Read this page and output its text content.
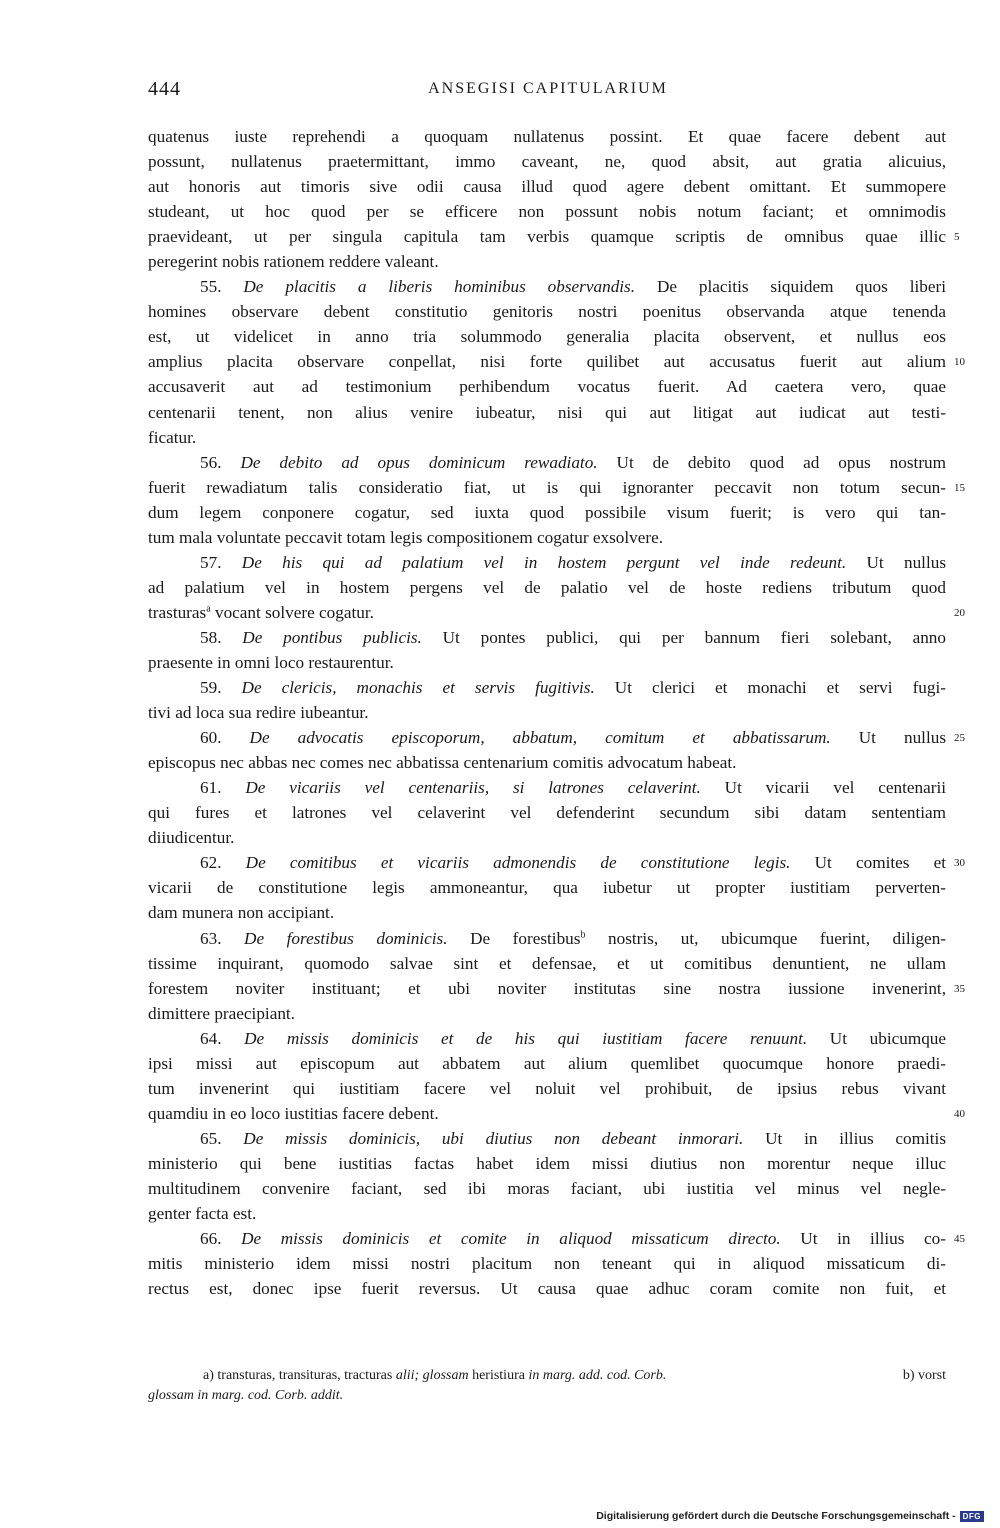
444	ANSEGISI CAPITULARIUM
quatenus iuste reprehendi a quoquam nullatenus possint. Et quae facere debent aut
possunt, nullatenus praetermittant, immo caveant, ne, quod absit, aut gratia alicuius,
aut honoris aut timoris sive odii causa illud quod agere debent omittant. Et summopere
studeant, ut hoc quod per se efficere non possunt nobis notum faciant; et omnimodis
praevideant, ut per singula capitula tam verbis quamque scriptis de omnibus quae illic
peregerint nobis rationem reddere valeant.
55. De placitis a liberis hominibus observandis. De placitis siquidem quos liberi
homines observare debent constitutio genitoris nostri poenitus observanda atque tenenda
est, ut videlicet in anno tria solummodo generalia placita observent, et nullus eos
amplius placita observare conpellat, nisi forte quilibet aut accusatus fuerit aut alium
accusaverit aut ad testimonium perhibendum vocatus fuerit. Ad caetera vero, quae
centenarii tenent, non alius venire iubeatur, nisi qui aut litigat aut iudicat aut testi-
ficatur.
56. De debito ad opus dominicum rewadiato. Ut de debito quod ad opus nostrum
fuerit rewadiatum talis consideratio fiat, ut is qui ignoranter peccavit non totum secun-
dum legem conponere cogatur, sed iuxta quod possibile visum fuerit; is vero qui tan-
tum mala voluntate peccavit totam legis compositionem cogatur exsolvere.
57. De his qui ad palatium vel in hostem pergunt vel inde redeunt. Ut nullus
ad palatium vel in hostem pergens vel de palatio vel de hoste rediens tributum quod
trasturas$^a$ vocant solvere cogatur.
58. De pontibus publicis. Ut pontes publici, qui per bannum fieri solebant, anno
praesente in omni loco restaurentur.
59. De clericis, monachis et servis fugitivis. Ut clerici et monachi et servi fugi-
tivi ad loca sua redire iubeantur.
60. De advocatis episcoporum, abbatum, comitum et abbatissarum. Ut nullus
episcopus nec abbas nec comes nec abbatissa centenarium comitis advocatum habeat.
61. De vicariis vel centenariis, si latrones celaverint. Ut vicarii vel centenarii
qui fures et latrones vel celaverint vel defenderint secundum sibi datam sententiam
diiudicentur.
62. De comitibus et vicariis admonendis de constitutione legis. Ut comites et
vicarii de constitutione legis ammoneantur, qua iubetur ut propter iustitiam perverten-
dam munera non accipiant.
63. De forestibus dominicis. De forestibus$^b$ nostris, ut, ubicumque fuerint, diligen-
tissime inquirant, quomodo salvae sint et defensae, et ut comitibus denuntient, ne ullam
forestem noviter instituant; et ubi noviter institutas sine nostra iussione invenerint,
dimittere praecipiant.
64. De missis dominicis et de his qui iustitiam facere renuunt. Ut ubicumque
ipsi missi aut episcopum aut abbatem aut alium quemlibet quocumque honore praedi-
tum invenerint qui iustitiam facere vel noluit vel prohibuit, de ipsius rebus vivant
quamdiu in eo loco iustitias facere debent.
65. De missis dominicis, ubi diutius non debeant inmorari. Ut in illius comitis
ministerio qui bene iustitias factas habet idem missi diutius non morentur neque illuc
multitudinem convenire faciant, sed ibi moras faciant, ubi iustitia vel minus vel negle-
genter facta est.
66. De missis dominicis et comite in aliquod missaticum directo. Ut in illius co-
mitis ministerio idem missi nostri placitum non teneant qui in aliquod missaticum di-
rectus est, donec ipse fuerit reversus. Ut causa quae adhuc coram comite non fuit, et
a) transturas, transituras, tracturas alii; glossam heristiura in marg. add. cod. Corb.	b) vorst
glossam in marg. cod. Corb. addit.
Digitalisierung gefördert durch die Deutsche Forschungsgemeinschaft - DFG
5
10
15
20
25
30
35
40
45
